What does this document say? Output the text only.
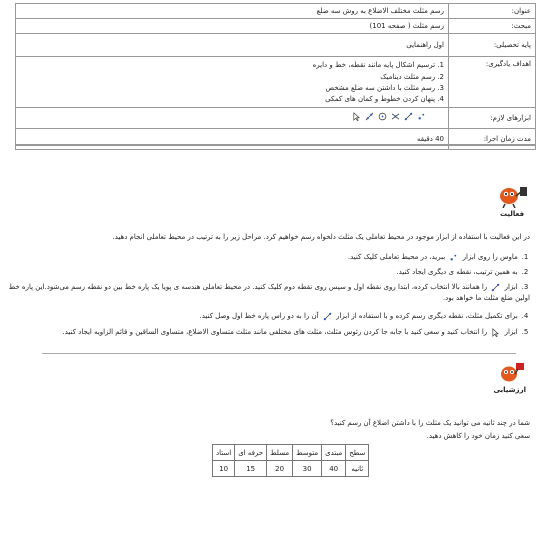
عنوان:	رسم مثلث مختلف الاضلاع به روش سه ضلع
مبحث:	رسم مثلث ( صفحه 101)
پایه تحصیلی:	اول راهنمایی
اهداف یادگیری:	1. ترسیم اشکال پایه مانند نقطه، خط و دایره
2. رسم مثلث دینامیک
3. رسم مثلث با داشتن سه ضلع مشخص
4. پنهان کردن خطوط و کمان های کمکی

ابزارهای لازم:	

مدت زمان اجرا:	40 دقیقه
فعالیت
در این فعالیت با استفاده از ابزار موجود در محیط تعاملی یک مثلث دلخواه رسم خواهیم کرد. مراحل زیر را به ترتیب در محیط تعاملی انجام دهید.
1. ماوس را روی ابزار  ببرید، در محیط تعاملی کلیک کنید.
2. به همین ترتیب، نقطه ی دیگری ایجاد کنید.
3. ابزار  را همانند بالا انتخاب کرده، ابتدا روی نقطه اول و سپس روی نقطه دوم کلیک کنید. در محیط تعاملی هندسه ی پویا یک پاره خط بین دو نقطه رسم می‌شود.این پاره خط
اولین ضلع مثلث ما خواهد بود.
4. برای تکمیل مثلث، نقطه دیگری رسم کرده و با استفاده از ابزار  آن را به دو راس پاره خط اول وصل کنید.
5. ابزار  را انتخاب کنید و سعی کنید با جابه جا کردن رئوس مثلث، مثلث های مختلفی مانند مثلث متساوی الاضلاع، متساوی الساقین و قائم الزاویه ایجاد کنید.
ارزشیابی
شما در چند ثانیه می توانید یک مثلث را با داشتن اضلاع آن رسم کنید؟
سعی کنید زمان خود را کاهش دهید.
سطح	مبتدی	متوسط	مسلط	حرفه ای	استاد
ثانیه	40	30	20	15	10
